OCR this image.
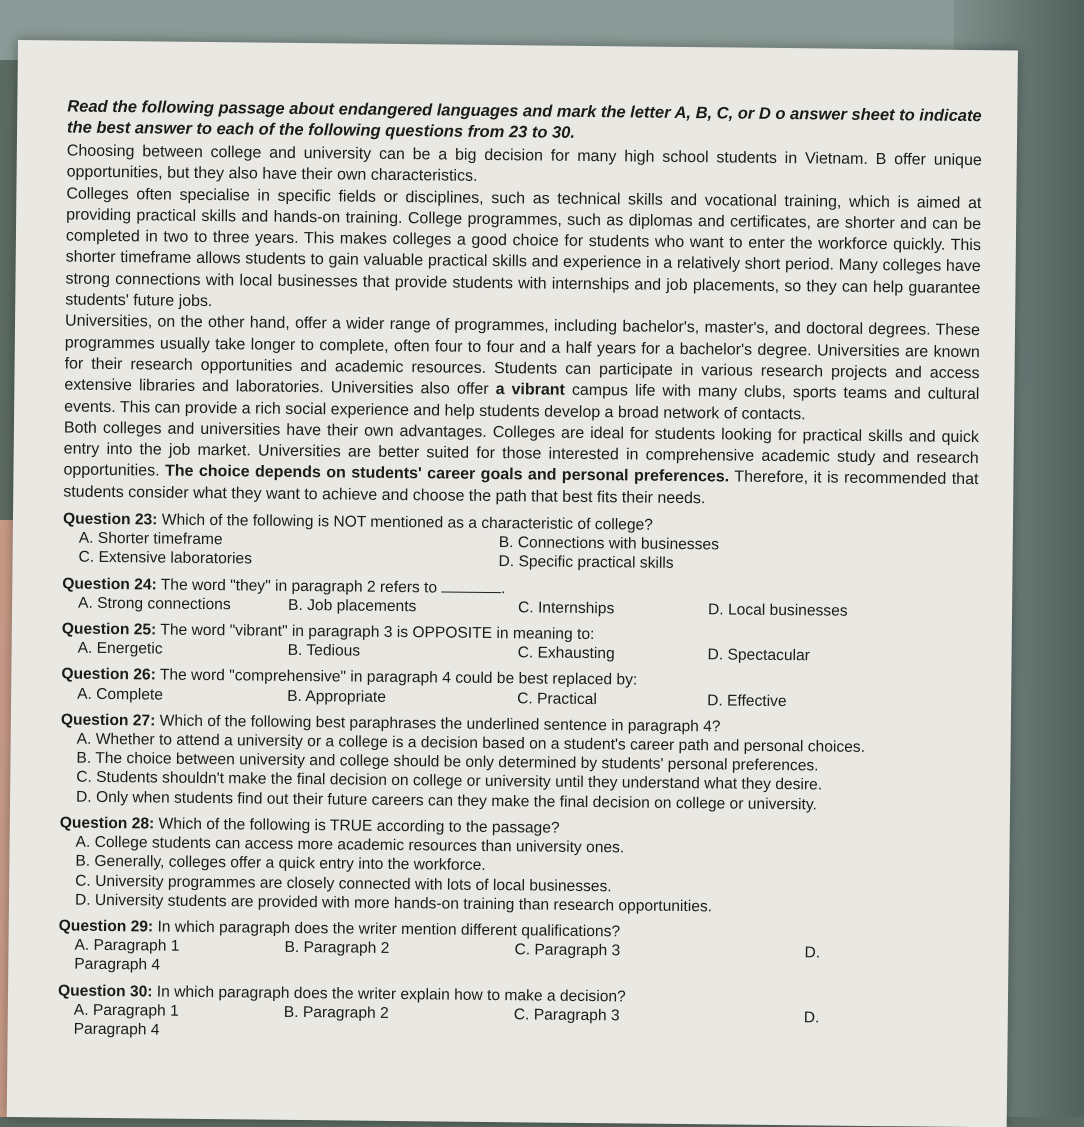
Read the following passage about endangered languages and mark the letter A, B, C, or D o answer sheet to indicate the best answer to each of the following questions from 23 to 30.

Choosing between college and university can be a big decision for many high school students in Vietnam. B offer unique opportunities, but they also have their own characteristics.

Colleges often specialise in specific fields or disciplines, such as technical skills and vocational training, which is aimed at providing practical skills and hands-on training. College programmes, such as diplomas and certificates, are shorter and can be completed in two to three years. This makes colleges a good choice for students who want to enter the workforce quickly. This shorter timeframe allows students to gain valuable practical skills and experience in a relatively short period. Many colleges have strong connections with local businesses that provide students with internships and job placements, so they can help guarantee students' future jobs.

Universities, on the other hand, offer a wider range of programmes, including bachelor's, master's, and doctoral degrees. These programmes usually take longer to complete, often four to four and a half years for a bachelor's degree. Universities are known for their research opportunities and academic resources. Students can participate in various research projects and access extensive libraries and laboratories. Universities also offer a vibrant campus life with many clubs, sports teams and cultural events. This can provide a rich social experience and help students develop a broad network of contacts.

Both colleges and universities have their own advantages. Colleges are ideal for students looking for practical skills and quick entry into the job market. Universities are better suited for those interested in comprehensive academic study and research opportunities. The choice depends on students' career goals and personal preferences. Therefore, it is recommended that students consider what they want to achieve and choose the path that best fits their needs.

Question 23: Which of the following is NOT mentioned as a characteristic of college?

A. Shorter timeframe	B. Connections with businesses
C. Extensive laboratories	D. Specific practical skills

Question 24: The word "they" in paragraph 2 refers to	.

A. Strong connections	B. Job placements	C. Internships	D. Local businesses

Question 25: The word "vibrant" in paragraph 3 is OPPOSITE in meaning to:

A. Energetic	B. Tedious	C. Exhausting	D. Spectacular

Question 26: The word "comprehensive" in paragraph 4 could be best replaced by:

A. Complete	B. Appropriate	C. Practical	D. Effective

Question 27: Which of the following best paraphrases the underlined sentence in paragraph 4?

A. Whether to attend a university or a college is a decision based on a student's career path and personal choices.
B. The choice between university and college should be only determined by students' personal preferences.
C. Students shouldn't make the final decision on college or university until they understand what they desire.
D. Only when students find out their future careers can they make the final decision on college or university.

Question 28: Which of the following is TRUE according to the passage?

A. College students can access more academic resources than university ones.
B. Generally, colleges offer a quick entry into the workforce.
C. University programmes are closely connected with lots of local businesses.
D. University students are provided with more hands-on training than research opportunities.

Question 29: In which paragraph does the writer mention different qualifications?

A. Paragraph 1	B. Paragraph 2	C. Paragraph 3	D.
Paragraph 4

Question 30: In which paragraph does the writer explain how to make a decision?

A. Paragraph 1	B. Paragraph 2	C. Paragraph 3	D.
Paragraph 4
